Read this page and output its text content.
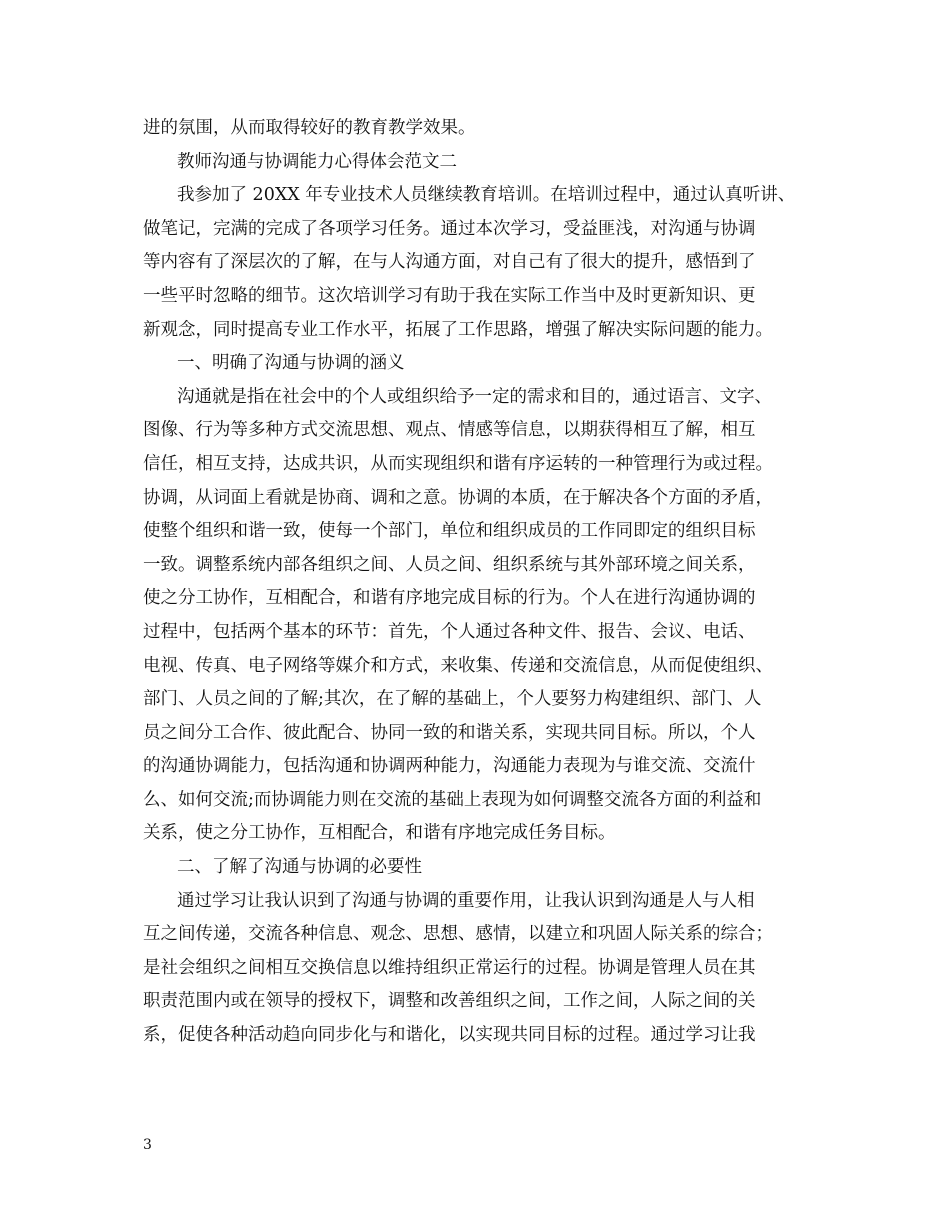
进的氛围，从而取得较好的教育教学效果。
教师沟通与协调能力心得体会范文二
我参加了 20XX 年专业技术人员继续教育培训。在培训过程中，通过认真听讲、
做笔记，完满的完成了各项学习任务。通过本次学习，受益匪浅，对沟通与协调
等内容有了深层次的了解，在与人沟通方面，对自己有了很大的提升，感悟到了
一些平时忽略的细节。这次培训学习有助于我在实际工作当中及时更新知识、更
新观念，同时提高专业工作水平，拓展了工作思路，增强了解决实际问题的能力。
一、明确了沟通与协调的涵义
沟通就是指在社会中的个人或组织给予一定的需求和目的，通过语言、文字、
图像、行为等多种方式交流思想、观点、情感等信息，以期获得相互了解，相互
信任，相互支持，达成共识，从而实现组织和谐有序运转的一种管理行为或过程。
协调，从词面上看就是协商、调和之意。协调的本质，在于解决各个方面的矛盾，
使整个组织和谐一致，使每一个部门，单位和组织成员的工作同即定的组织目标
一致。调整系统内部各组织之间、人员之间、组织系统与其外部环境之间关系，
使之分工协作，互相配合，和谐有序地完成目标的行为。个人在进行沟通协调的
过程中，包括两个基本的环节：首先，个人通过各种文件、报告、会议、电话、
电视、传真、电子网络等媒介和方式，来收集、传递和交流信息，从而促使组织、
部门、人员之间的了解;其次，在了解的基础上，个人要努力构建组织、部门、人
员之间分工合作、彼此配合、协同一致的和谐关系，实现共同目标。所以，个人
的沟通协调能力，包括沟通和协调两种能力，沟通能力表现为与谁交流、交流什
么、如何交流;而协调能力则在交流的基础上表现为如何调整交流各方面的利益和
关系，使之分工协作，互相配合，和谐有序地完成任务目标。
二、了解了沟通与协调的必要性
通过学习让我认识到了沟通与协调的重要作用，让我认识到沟通是人与人相
互之间传递，交流各种信息、观念、思想、感情，以建立和巩固人际关系的综合；
是社会组织之间相互交换信息以维持组织正常运行的过程。协调是管理人员在其
职责范围内或在领导的授权下，调整和改善组织之间，工作之间，人际之间的关
系，促使各种活动趋向同步化与和谐化，以实现共同目标的过程。通过学习让我
3
